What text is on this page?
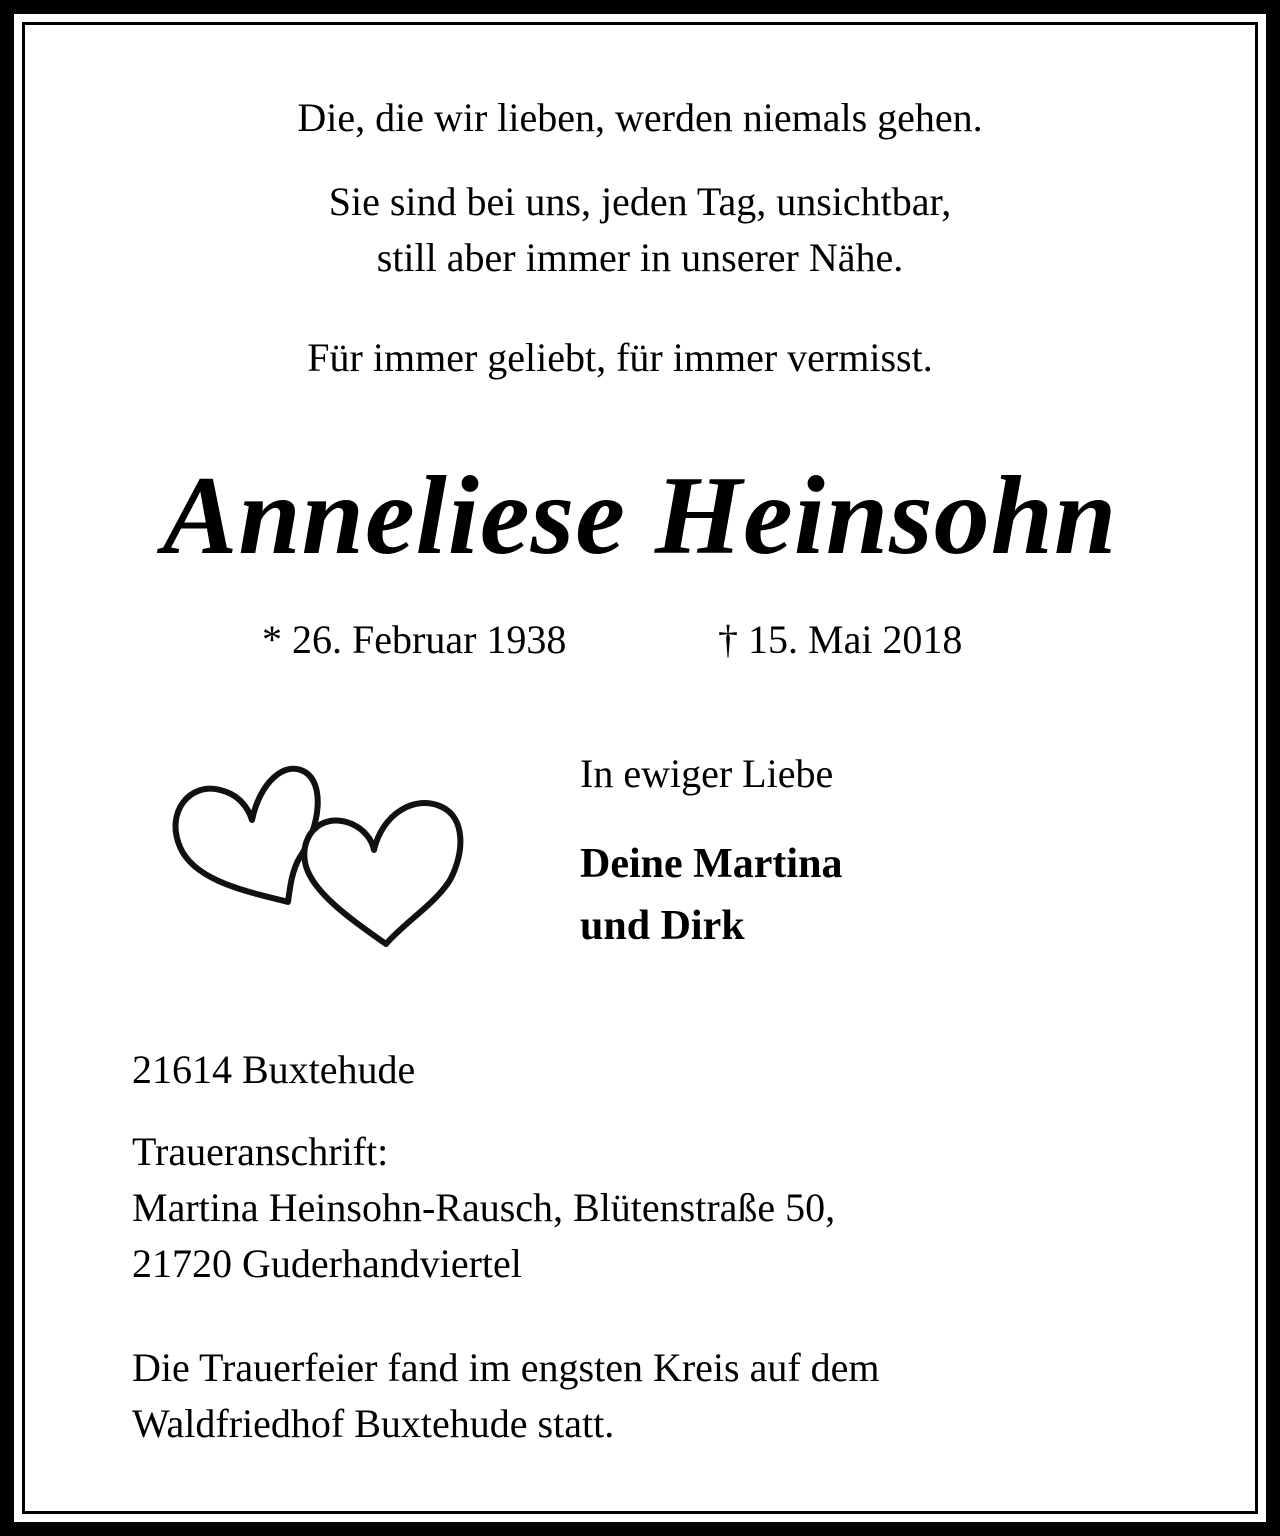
Die, die wir lieben, werden niemals gehen.
Sie sind bei uns, jeden Tag, unsichtbar,
still aber immer in unserer Nähe.
Für immer geliebt, für immer vermisst.
Anneliese Heinsohn
* 26. Februar 1938	† 15. Mai 2018
In ewiger Liebe
Deine Martina
und Dirk
21614 Buxtehude
Traueranschrift:
Martina Heinsohn-Rausch, Blütenstraße 50,
21720 Guderhandviertel
Die Trauerfeier fand im engsten Kreis auf dem
Waldfriedhof Buxtehude statt.
